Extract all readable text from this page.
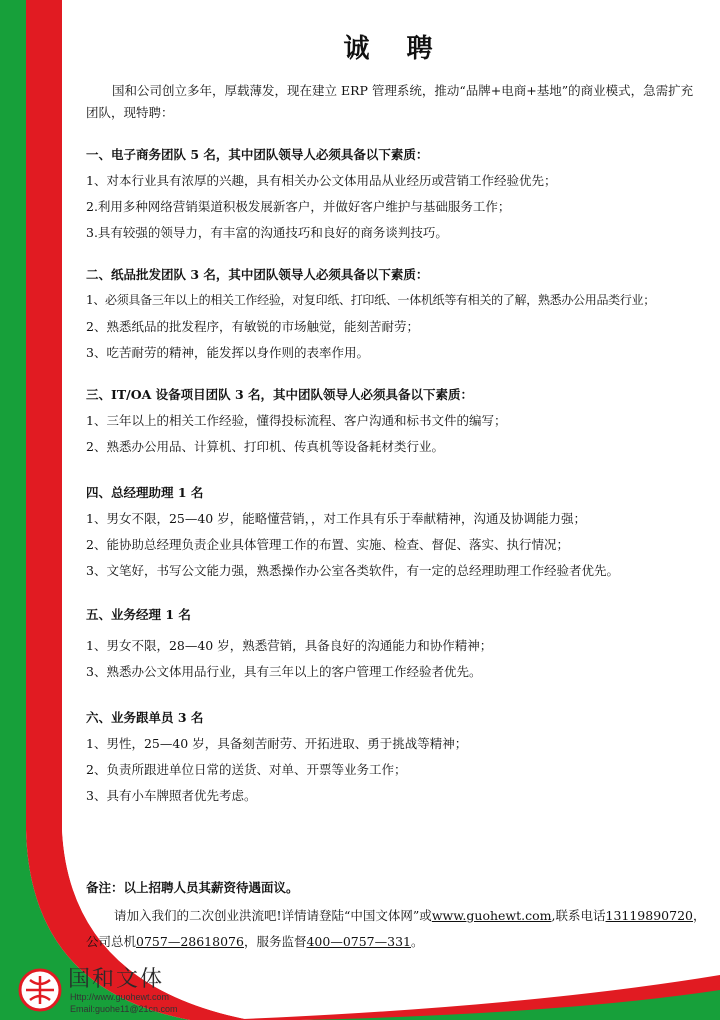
诚 聘
国和公司创立多年，厚载薄发，现在建立 ERP 管理系统，推动“品牌+电商+基地”的商业模式，急需扩充团队，现特聘：
一、电子商务团队 5 名，其中团队领导人必须具备以下素质：
1、对本行业具有浓厚的兴趣，具有相关办公文体用品从业经历或营销工作经验优先；
2.利用多种网络营销渠道积极发展新客户，并做好客户维护与基础服务工作；
3.具有较强的领导力，有丰富的沟通技巧和良好的商务谈判技巧。
二、纸品批发团队 3 名，其中团队领导人必须具备以下素质：
1、必须具备三年以上的相关工作经验，对复印纸、打印纸、一体机纸等有相关的了解，熟悉办公用品类行业；
2、熟悉纸品的批发程序，有敏锐的市场触觉，能刻苦耐劳；
3、吃苦耐劳的精神，能发挥以身作则的表率作用。
三、IT/OA 设备项目团队 3 名，其中团队领导人必须具备以下素质：
1、三年以上的相关工作经验，懂得投标流程、客户沟通和标书文件的编写；
2、熟悉办公用品、计算机、打印机、传真机等设备耗材类行业。
四、总经理助理 1 名
1、男女不限，25—40 岁，能略懂营销，，对工作具有乐于奉献精神，沟通及协调能力强；
2、能协助总经理负责企业具体管理工作的布置、实施、检查、督促、落实、执行情况；
3、文笔好，书写公文能力强，熟悉操作办公室各类软件，有一定的总经理助理工作经验者优先。
五、业务经理 1 名
1、男女不限，28—40 岁，熟悉营销，具备良好的沟通能力和协作精神；
3、熟悉办公文体用品行业，具有三年以上的客户管理工作经验者优先。
六、业务跟单员 3 名
1、男性，25—40 岁，具备刻苦耐劳、开拓进取、勇于挑战等精神；
2、负责所跟进单位日常的送货、对单、开票等业务工作；
3、具有小车牌照者优先考虑。
备注：以上招聘人员其薪资待遇面议。
请加入我们的二次创业洪流吧!详情请登陆“中国文体网”或www.guohewt.com,联系电话13119890720，
公司总机0757—28618076，服务监督400—0757—331。
国和文体
Http://www.guohewt.com
Email:guohe11@21cn.com
